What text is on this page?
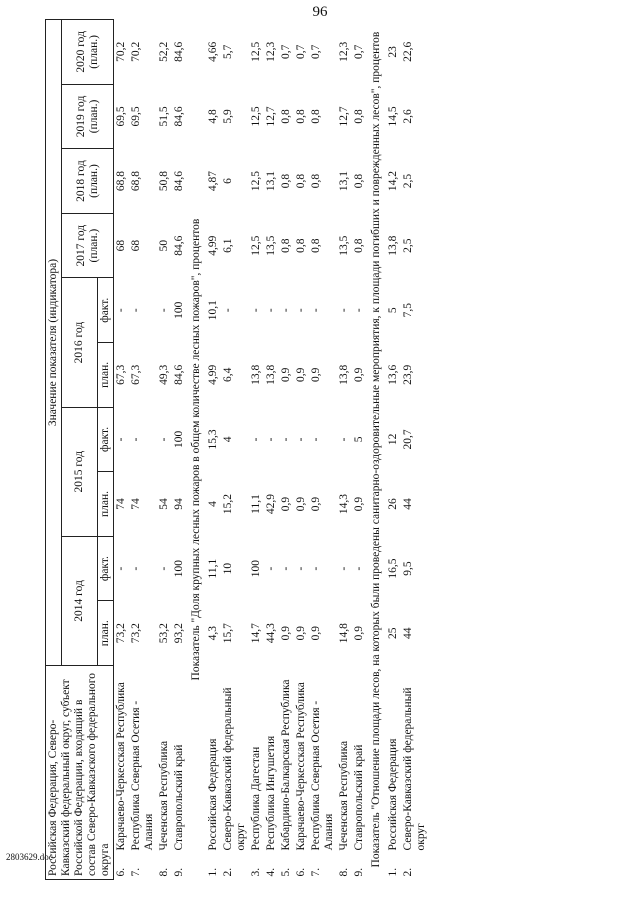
96
2803629.doc
Российская Федерация, Северо-Кавказский федеральный округ, субъект Российской Федерации, входящий в состав Северо-Кавказского федерального округа		Значение показателя (индикатора)									
		2014 год		2015 год		2016 год		2017 год (план.)	2018 год (план.)	2019 год (план.)	2020 год (план.)
		план.	факт.	план.	факт.	план.	факт.				
6.	Карачаево-Черкесская Республика	73,2	-	74	-	67,3	-	68	68,8	69,5	70,2
7.	Республика Северная Осетия - Алания	73,2	-	74	-	67,3	-	68	68,8	69,5	70,2
8.	Чеченская Республика	53,2	-	54	-	49,3	-	50	50,8	51,5	52,2
9.	Ставропольский край	93,2	100	94	100	84,6	100	84,6	84,6	84,6	84,6
Показатель "Доля крупных лесных пожаров в общем количестве лесных пожаров", процентов											
1.	Российская Федерация	4,3	11,1	4	15,3	4,99	10,1	4,99	4,87	4,8	4,66
2.	Северо-Кавказский федеральный округ	15,7	10	15,2	4	6,4	-	6,1	6	5,9	5,7
3.	Республика Дагестан	14,7	100	11,1	-	13,8	-	12,5	12,5	12,5	12,5
4.	Республика Ингушетия	44,3	-	42,9	-	13,8	-	13,5	13,1	12,7	12,3
5.	Кабардино-Балкарская Республика	0,9	-	0,9	-	0,9	-	0,8	0,8	0,8	0,7
6.	Карачаево-Черкесская Республика	0,9	-	0,9	-	0,9	-	0,8	0,8	0,8	0,7
7.	Республика Северная Осетия - Алания	0,9	-	0,9	-	0,9	-	0,8	0,8	0,8	0,7
8.	Чеченская Республика	14,8	-	14,3	-	13,8	-	13,5	13,1	12,7	12,3
9.	Ставропольский край	0,9	-	0,9	5	0,9	-	0,8	0,8	0,8	0,7
Показатель "Отношение площади лесов, на которых были проведены санитарно-оздоровительные мероприятия, к площади погибших и поврежденных лесов", процентов											
1.	Российская Федерация	25	16,5	26	12	13,6	5	13,8	14,2	14,5	23
2.	Северо-Кавказский федеральный округ	44	9,5	44	20,7	23,9	7,5	2,5	2,5	2,6	22,6
